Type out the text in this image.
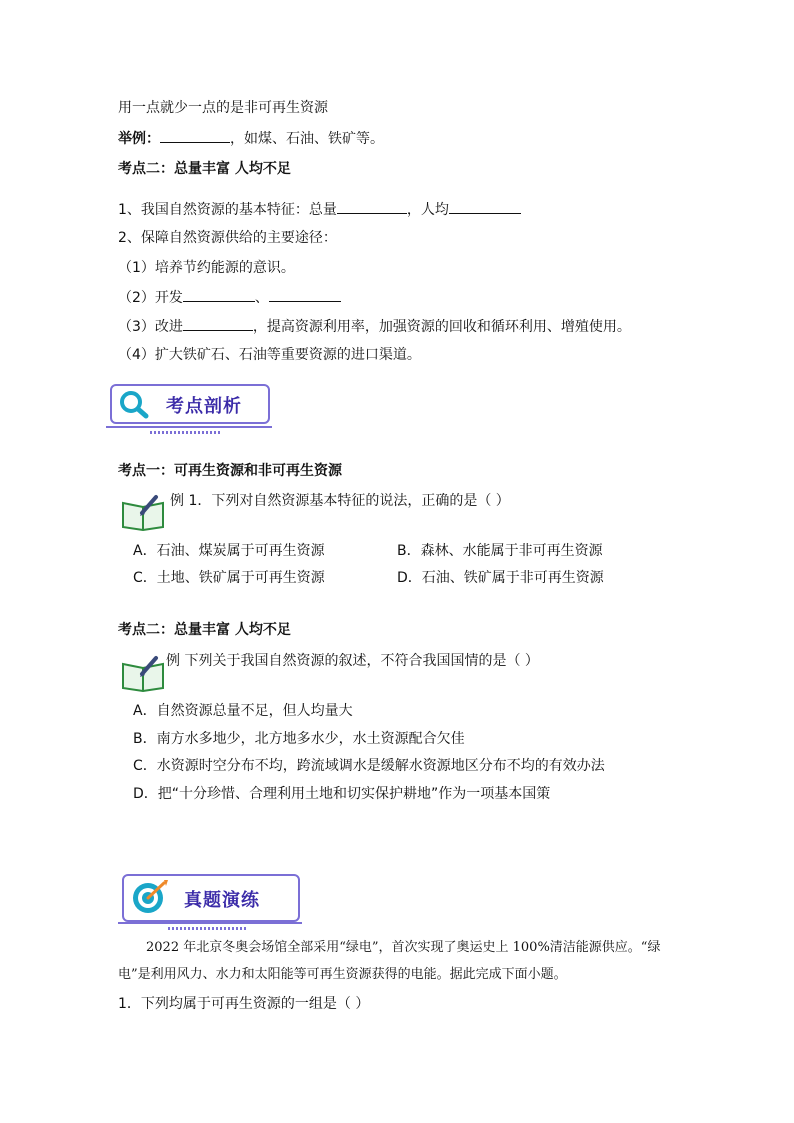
用一点就少一点的是非可再生资源
举例：	，如煤、石油、铁矿等。
考点二：总量丰富 人均不足
1、我国自然资源的基本特征：总量	，人均
2、保障自然资源供给的主要途径：
（1）培养节约能源的意识。
（2）开发	、
（3）改进	，提高资源利用率，加强资源的回收和循环利用、增殖使用。
（4）扩大铁矿石、石油等重要资源的进口渠道。
考点剖析
考点一：可再生资源和非可再生资源
例 1．下列对自然资源基本特征的说法，正确的是（ ）
A．石油、煤炭属于可再生资源	B．森林、水能属于非可再生资源
C．土地、铁矿属于可再生资源	D．石油、铁矿属于非可再生资源
考点二：总量丰富 人均不足
例 下列关于我国自然资源的叙述，不符合我国国情的是（ ）
A．自然资源总量不足，但人均量大
B．南方水多地少，北方地多水少，水土资源配合欠佳
C．水资源时空分布不均，跨流域调水是缓解水资源地区分布不均的有效办法
D．把“十分珍惜、合理利用土地和切实保护耕地”作为一项基本国策
真题演练
2022 年北京冬奥会场馆全部采用“绿电”，首次实现了奥运史上 100%清洁能源供应。“绿
电”是利用风力、水力和太阳能等可再生资源获得的电能。据此完成下面小题。
1．下列均属于可再生资源的一组是（ ）
